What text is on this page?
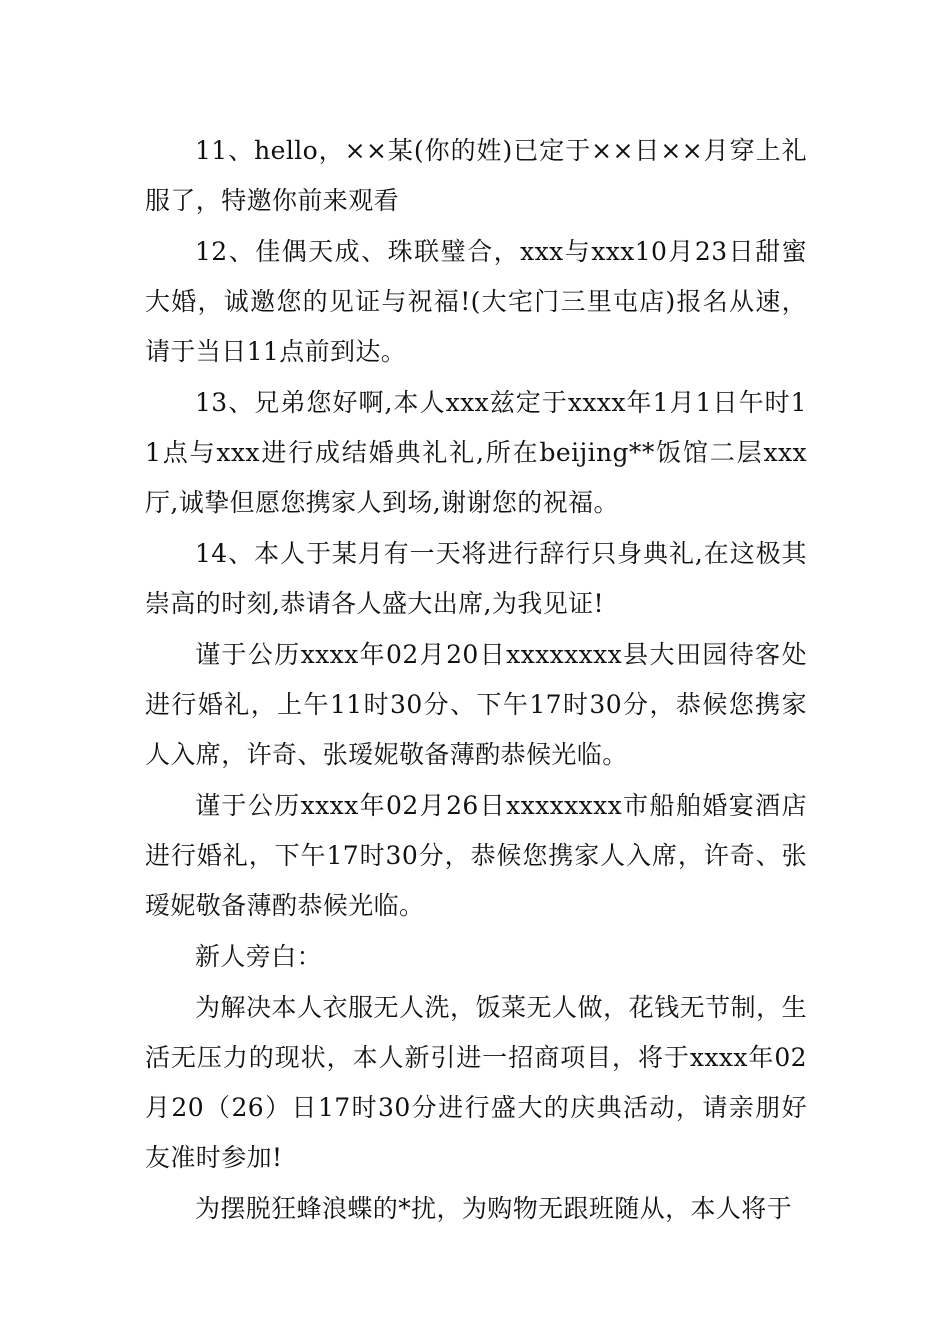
11、hello，××某(你的姓)已定于××日××月穿上礼服了，特邀你前来观看

12、佳偶天成、珠联璧合，xxx与xxx10月23日甜蜜大婚，诚邀您的见证与祝福!(大宅门三里屯店)报名从速，请于当日11点前到达。

13、兄弟您好啊,本人xxx兹定于xxxx年1月1日午时11点与xxx进行成结婚典礼礼,所在beijing**饭馆二层xxx厅,诚挚但愿您携家人到场,谢谢您的祝福。

14、本人于某月有一天将进行辞行只身典礼,在这极其崇高的时刻,恭请各人盛大出席,为我见证!

谨于公历xxxx年02月20日xxxxxxxx县大田园待客处进行婚礼，上午11时30分、下午17时30分，恭候您携家人入席，许奇、张瑷妮敬备薄酌恭候光临。

谨于公历xxxx年02月26日xxxxxxxx市船舶婚宴酒店进行婚礼，下午17时30分，恭候您携家人入席，许奇、张瑷妮敬备薄酌恭候光临。

新人旁白：

为解决本人衣服无人洗，饭菜无人做，花钱无节制，生活无压力的现状，本人新引进一招商项目，将于xxxx年02月20（26）日17时30分进行盛大的庆典活动，请亲朋好友准时参加!

为摆脱狂蜂浪蝶的*扰，为购物无跟班随从，本人将于
